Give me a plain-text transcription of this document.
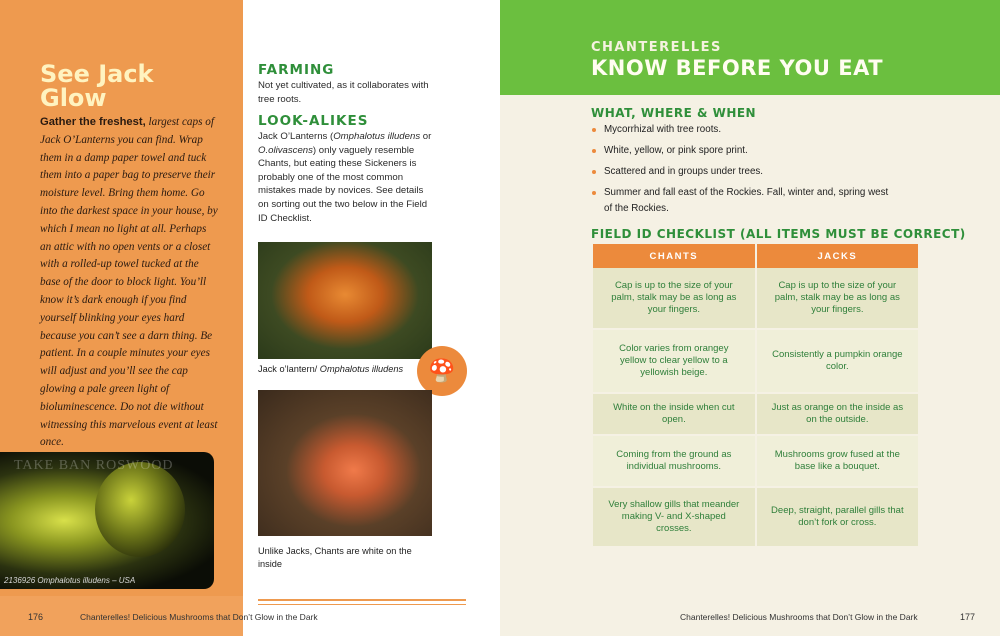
See Jack
Glow

Gather the freshest, largest caps of Jack O’Lanterns you can find. Wrap them in a damp paper towel and tuck them into a paper bag to preserve their moisture level. Bring them home. Go into the darkest space in your house, by which I mean no light at all. Perhaps an attic with no open vents or a closet with a rolled-up towel tucked at the base of the door to block light. You’ll know it’s dark enough if you find yourself blinking your eyes hard because you can’t see a darn thing. Be patient. In a couple minutes your eyes will adjust and you’ll see the cap glowing a pale green light of bioluminescence. Do not die without witnessing this marvelous event at least once.

TAKE BAN ROSWOOD
2136926 Omphalotus illudens – USA
176	Chanterelles! Delicious Mushrooms that Don’t Glow in the Dark
FARMING

Not yet cultivated, as it collaborates with tree roots.

LOOK-ALIKES

Jack O’Lanterns (Omphalotus illudens or O.olivascens) only vaguely resemble Chants, but eating these Sickeners is probably one of the most common mistakes made by novices. See details on sorting out the two below in the Field ID Checklist.

Jack o’lantern/ Omphalotus illudens	🍄
Unlike Jacks, Chants are white on the inside
CHANTERELLES
KNOW BEFORE YOU EAT
WHAT, WHERE & WHEN
Mycorrhizal with tree roots.
White, yellow, or pink spore print.
Scattered and in groups under trees.
Summer and fall east of the Rockies. Fall, winter and, spring west of the Rockies.
FIELD ID CHECKLIST (ALL ITEMS MUST BE CORRECT)
CHANTS	JACKS
Cap is up to the size of your palm, stalk may be as long as your fingers.	Cap is up to the size of your palm, stalk may be as long as your fingers.
Color varies from orangey yellow to clear yellow to a yellowish beige.	Consistently a pumpkin orange color.
White on the inside when cut open.	Just as orange on the inside as on the outside.
Coming from the ground as individual mushrooms.	Mushrooms grow fused at the base like a bouquet.
Very shallow gills that meander making V- and X-shaped crosses.	Deep, straight, parallel gills that don’t fork or cross.
Chanterelles! Delicious Mushrooms that Don’t Glow in the Dark	177
